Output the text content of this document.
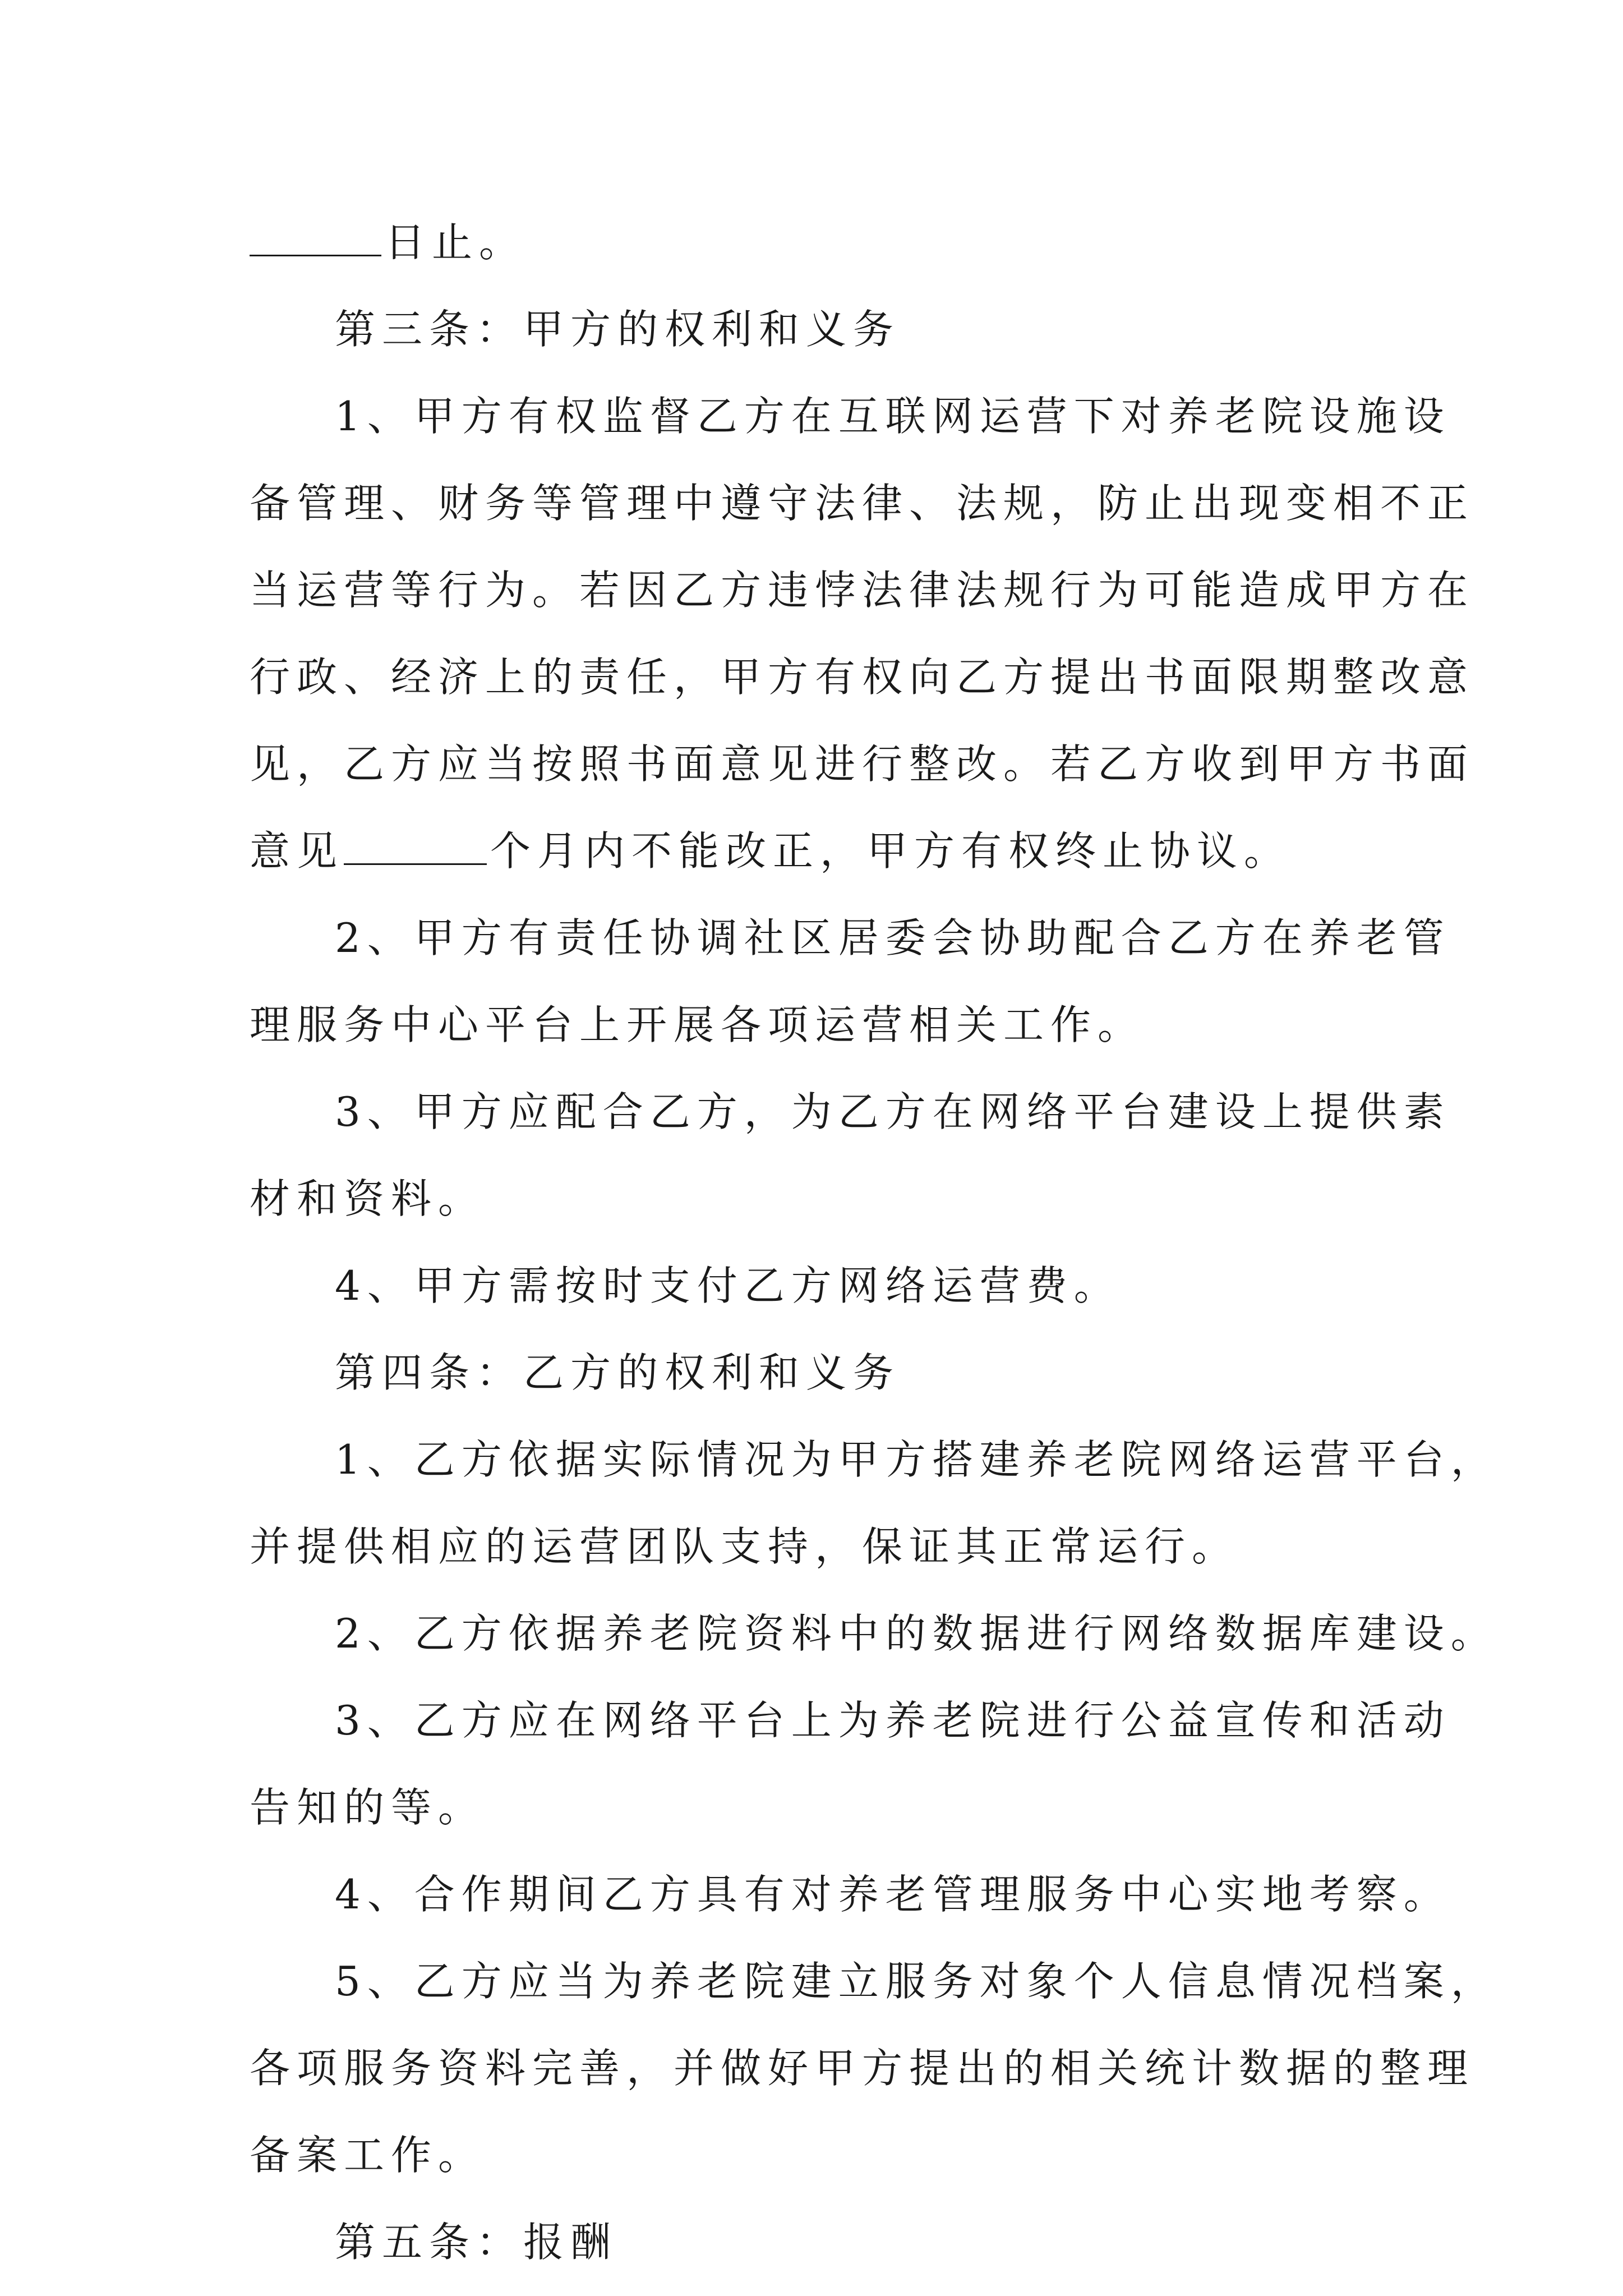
日止。
第三条：甲方的权利和义务
1、甲方有权监督乙方在互联网运营下对养老院设施设
备管理、财务等管理中遵守法律、法规，防止出现变相不正
当运营等行为。若因乙方违悖法律法规行为可能造成甲方在
行政、经济上的责任，甲方有权向乙方提出书面限期整改意
见，乙方应当按照书面意见进行整改。若乙方收到甲方书面
意见	个月内不能改正，甲方有权终止协议。
2、甲方有责任协调社区居委会协助配合乙方在养老管
理服务中心平台上开展各项运营相关工作。
3、甲方应配合乙方，为乙方在网络平台建设上提供素
材和资料。
4、甲方需按时支付乙方网络运营费。
第四条：乙方的权利和义务
1、乙方依据实际情况为甲方搭建养老院网络运营平台，
并提供相应的运营团队支持，保证其正常运行。
2、乙方依据养老院资料中的数据进行网络数据库建设。
3、乙方应在网络平台上为养老院进行公益宣传和活动
告知的等。
4、合作期间乙方具有对养老管理服务中心实地考察。
5、乙方应当为养老院建立服务对象个人信息情况档案，
各项服务资料完善，并做好甲方提出的相关统计数据的整理
备案工作。
第五条：报酬
